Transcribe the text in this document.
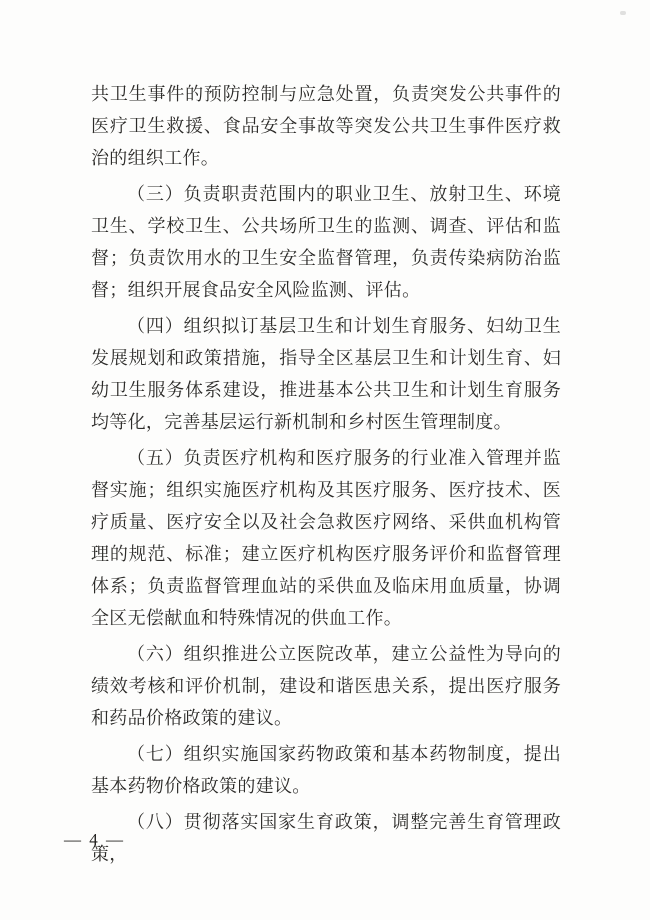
共卫生事件的预防控制与应急处置，负责突发公共事件的医疗卫生救援、食品安全事故等突发公共卫生事件医疗救治的组织工作。

（三）负责职责范围内的职业卫生、放射卫生、环境卫生、学校卫生、公共场所卫生的监测、调查、评估和监督；负责饮用水的卫生安全监督管理，负责传染病防治监督；组织开展食品安全风险监测、评估。

（四）组织拟订基层卫生和计划生育服务、妇幼卫生发展规划和政策措施，指导全区基层卫生和计划生育、妇幼卫生服务体系建设，推进基本公共卫生和计划生育服务均等化，完善基层运行新机制和乡村医生管理制度。

（五）负责医疗机构和医疗服务的行业准入管理并监督实施；组织实施医疗机构及其医疗服务、医疗技术、医疗质量、医疗安全以及社会急救医疗网络、采供血机构管理的规范、标准；建立医疗机构医疗服务评价和监督管理体系；负责监督管理血站的采供血及临床用血质量，协调全区无偿献血和特殊情况的供血工作。

（六）组织推进公立医院改革，建立公益性为导向的绩效考核和评价机制，建设和谐医患关系，提出医疗服务和药品价格政策的建议。

（七）组织实施国家药物政策和基本药物制度，提出基本药物价格政策的建议。

（八）贯彻落实国家生育政策，调整完善生育管理政策，

— 4 —
